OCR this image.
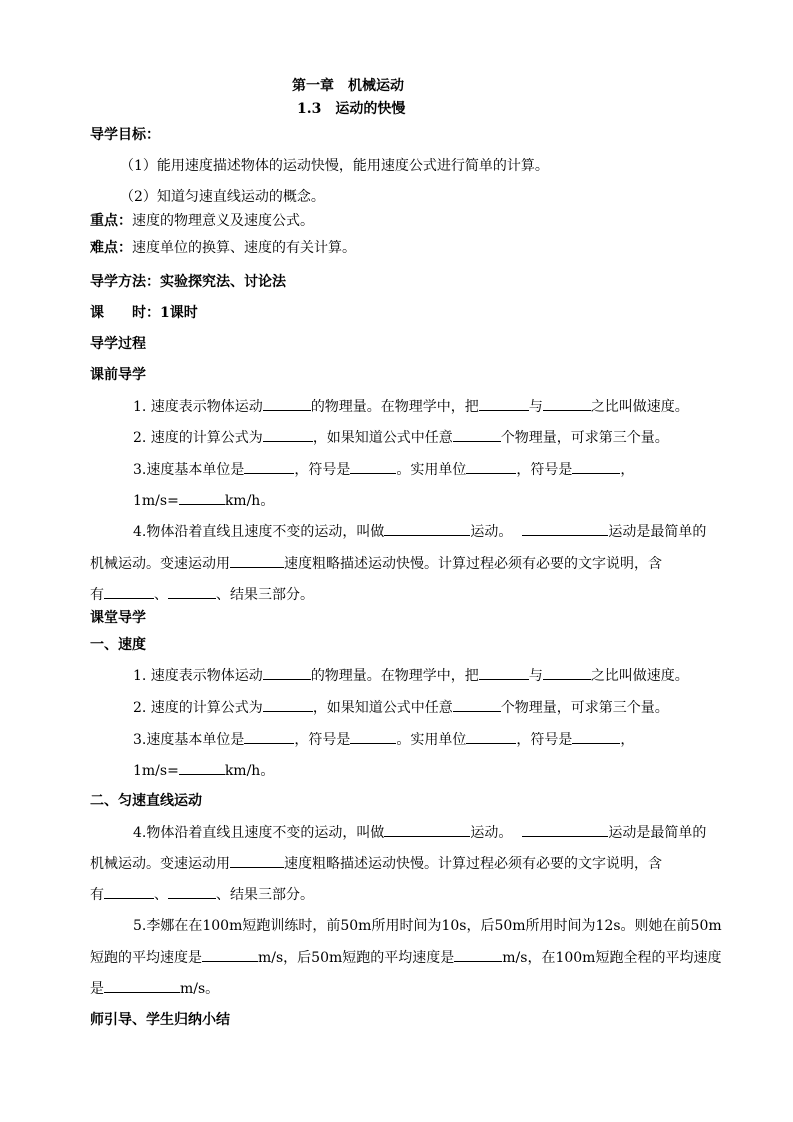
第一章　机械运动
1.3　运动的快慢
导学目标：
（1）能用速度描述物体的运动快慢，能用速度公式进行简单的计算。
（2）知道匀速直线运动的概念。
重点：速度的物理意义及速度公式。
难点：速度单位的换算、速度的有关计算。
导学方法：实验探究法、讨论法
课　　时：1课时
导学过程
课前导学
1. 速度表示物体运动	的物理量。在物理学中，把	与	之比叫做速度。
2. 速度的计算公式为	，如果知道公式中任意	个物理量，可求第三个量。
3.速度基本单位是	，符号是	。实用单位	，符号是	，
1m/s=	km/h。
4.物体沿着直线且速度不变的运动，叫做	运动。	运动是最简单的
机械运动。变速运动用	速度粗略描述运动快慢。计算过程必须有必要的文字说明，含
有	、	、结果三部分。
课堂导学
一、速度
1. 速度表示物体运动	的物理量。在物理学中，把	与	之比叫做速度。
2. 速度的计算公式为	，如果知道公式中任意	个物理量，可求第三个量。
3.速度基本单位是	，符号是	。实用单位	，符号是	，
1m/s=	km/h。
二、匀速直线运动
4.物体沿着直线且速度不变的运动，叫做	运动。	运动是最简单的
机械运动。变速运动用	速度粗略描述运动快慢。计算过程必须有必要的文字说明，含
有	、	、结果三部分。
5.李娜在在100m短跑训练时，前50m所用时间为10s，后50m所用时间为12s。则她在前50m
短跑的平均速度是	m/s，后50m短跑的平均速度是	m/s，在100m短跑全程的平均速度
是	m/s。
师引导、学生归纳小结
